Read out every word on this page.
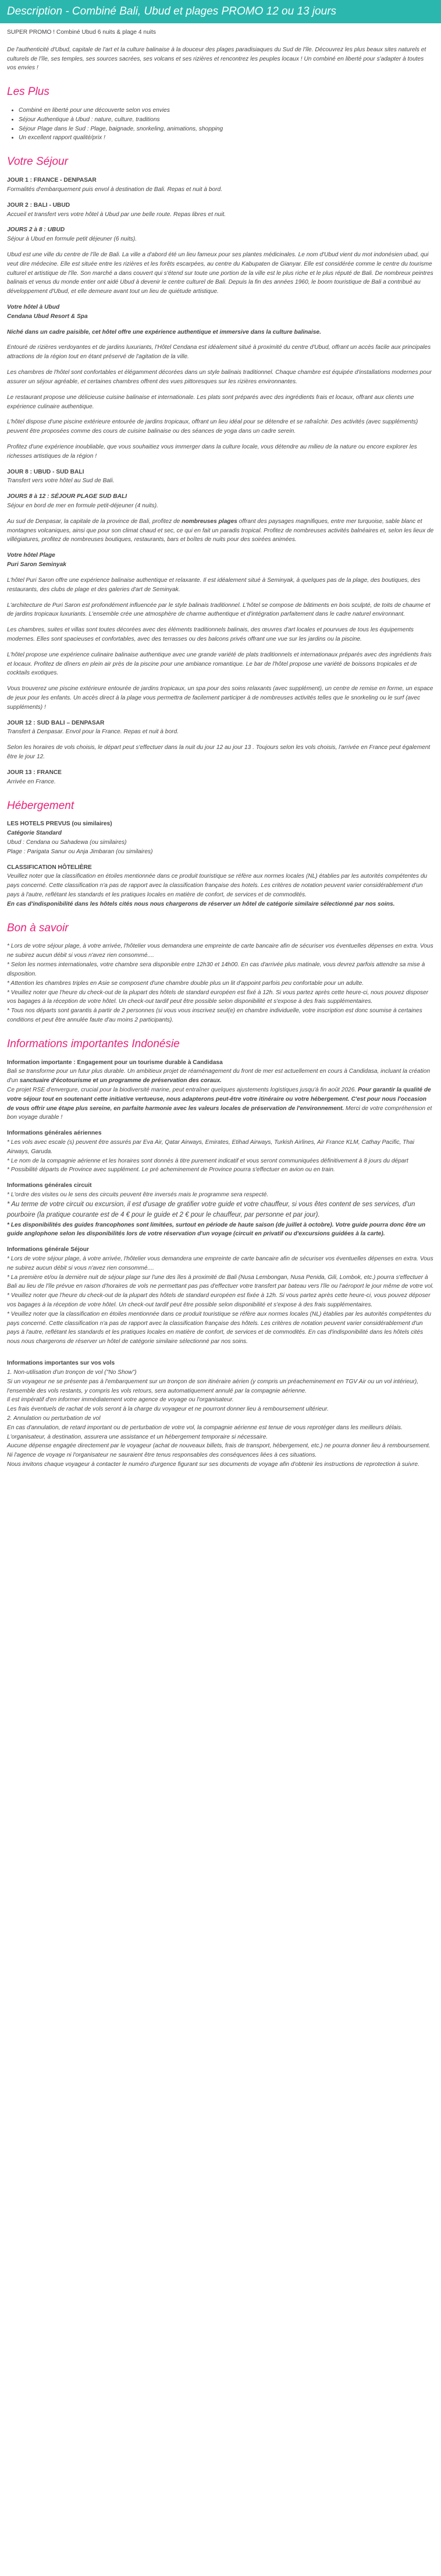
Description - Combiné Bali, Ubud et plages PROMO 12 ou 13 jours

SUPER PROMO ! Combiné Ubud 6 nuits & plage 4 nuits

De l'authenticité d'Ubud, capitale de l'art et la culture balinaise à la douceur des plages paradisiaques du Sud de l'île. Découvrez les plus beaux sites naturels et culturels de l'île, ses temples, ses sources sacrées, ses volcans et ses rizières et rencontrez les peuples locaux ! Un combiné en liberté pour s'adapter à toutes vos envies !

Les Plus
• Combiné en liberté pour une découverte selon vos envies
• Séjour Authentique à Ubud : nature, culture, traditions
• Séjour Plage dans le Sud : Plage, baignade, snorkeling, animations, shopping
• Un excellent rapport qualité/prix !
Votre Séjour

JOUR 1 : FRANCE - DENPASAR
Formalités d'embarquement puis envol à destination de Bali. Repas et nuit à bord.

JOUR 2 : BALI - UBUD
Accueil et transfert vers votre hôtel à Ubud par une belle route. Repas libres et nuit.

JOURS 2 à 8 : UBUD
Séjour à Ubud en formule petit déjeuner (6 nuits).

Ubud est une ville du centre de l'île de Bali. La ville a d'abord été un lieu fameux pour ses plantes médicinales. Le nom d'Ubud vient du mot indonésien ubad, qui veut dire médecine. Elle est située entre les rizières et les forêts escarpées, au centre du Kabupaten de Gianyar. Elle est considérée comme le centre du tourisme culturel et artistique de l'île. Son marché a dans couvert qui s'étend sur toute une portion de la ville est le plus riche et le plus réputé de Bali. De nombreux peintres balinais et venus du monde entier ont aidé Ubud à devenir le centre culturel de Bali. Depuis la fin des années 1960, le boom touristique de Bali a contribué au développement d'Ubud, et elle demeure avant tout un lieu de quiétude artistique.

Votre hôtel à Ubud
Cendana Ubud Resort & Spa

Niché dans un cadre paisible, cet hôtel offre une expérience authentique et immersive dans la culture balinaise.

Entouré de rizières verdoyantes et de jardins luxuriants, l'Hôtel Cendana est idéalement situé à proximité du centre d'Ubud, offrant un accès facile aux principales attractions de la région tout en étant préservé de l'agitation de la ville.

Les chambres de l'hôtel sont confortables et élégamment décorées dans un style balinais traditionnel. Chaque chambre est équipée d'installations modernes pour assurer un séjour agréable, et certaines chambres offrent des vues pittoresques sur les rizières environnantes.

Le restaurant propose une délicieuse cuisine balinaise et internationale. Les plats sont préparés avec des ingrédients frais et locaux, offrant aux clients une expérience culinaire authentique.

L'hôtel dispose d'une piscine extérieure entourée de jardins tropicaux, offrant un lieu idéal pour se détendre et se rafraîchir. Des activités (avec suppléments) peuvent être proposées comme des cours de cuisine balinaise ou des séances de yoga dans un cadre serein.

Profitez d'une expérience inoubliable, que vous souhaitiez vous immerger dans la culture locale, vous détendre au milieu de la nature ou encore explorer les richesses artistiques de la région !

JOUR 8 : UBUD - SUD BALI
Transfert vers votre hôtel au Sud de Bali.

JOURS 8 à 12 : SÉJOUR PLAGE SUD BALI
Séjour en bord de mer en formule petit-déjeuner (4 nuits).

Au sud de Denpasar, la capitale de la province de Bali, profitez de nombreuses plages offrant des paysages magnifiques, entre mer turquoise, sable blanc et montagnes volcaniques, ainsi que pour son climat chaud et sec, ce qui en fait un paradis tropical. Profitez de nombreuses activités balnéaires et, selon les lieux de villégiatures, profitez de nombreuses boutiques, restaurants, bars et boîtes de nuits pour des soirées animées.

Votre hôtel Plage
Puri Saron Seminyak

L'hôtel Puri Saron offre une expérience balinaise authentique et relaxante. Il est idéalement situé à Seminyak, à quelques pas de la plage, des boutiques, des restaurants, des clubs de plage et des galeries d'art de Seminyak.

L'architecture de Puri Saron est profondément influencée par le style balinais traditionnel. L'hôtel se compose de bâtiments en bois sculpté, de toits de chaume et de jardins tropicaux luxuriants. L'ensemble crée une atmosphère de charme authentique et d'intégration parfaitement dans le cadre naturel environnant.

Les chambres, suites et villas sont toutes décorées avec des éléments traditionnels balinais, des œuvres d'art locales et pourvues de tous les équipements modernes. Elles sont spacieuses et confortables, avec des terrasses ou des balcons privés offrant une vue sur les jardins ou la piscine.

L'hôtel propose une expérience culinaire balinaise authentique avec une grande variété de plats traditionnels et internationaux préparés avec des ingrédients frais et locaux. Profitez de dîners en plein air près de la piscine pour une ambiance romantique. Le bar de l'hôtel propose une variété de boissons tropicales et de cocktails exotiques.

Vous trouverez une piscine extérieure entourée de jardins tropicaux, un spa pour des soins relaxants (avec supplément), un centre de remise en forme, un espace de jeux pour les enfants. Un accès direct à la plage vous permettra de facilement participer à de nombreuses activités telles que le snorkeling ou le surf (avec suppléments) !

JOUR 12 : SUD BALI – DENPASAR
Transfert à Denpasar. Envol pour la France. Repas et nuit à bord.

Selon les horaires de vols choisis, le départ peut s'effectuer dans la nuit du jour 12 au jour 13 . Toujours selon les vols choisis, l'arrivée en France peut également être le jour 12.

JOUR 13 : FRANCE
Arrivée en France.

Hébergement

LES HOTELS PREVUS (ou similaires)
Catégorie Standard
Ubud : Cendana ou Sahadewa (ou similaires)
Plage : Parigata Sanur ou Anja Jimbaran (ou similaires)

CLASSIFICATION HÔTELIÈRE
Veuillez noter que la classification en étoiles mentionnée dans ce produit touristique se réfère aux normes locales (NL) établies par les autorités compétentes du pays concerné. Cette classification n'a pas de rapport avec la classification française des hotels. Les critères de notation peuvent varier considérablement d'un pays à l'autre, reflétant les standards et les pratiques locales en matière de confort, de services et de commodités.
En cas d'indisponibilité dans les hôtels cités nous nous chargerons de réserver un hôtel de catégorie similaire sélectionné par nos soins.

Bon à savoir

* Lors de votre séjour plage, à votre arrivée, l'hôtelier vous demandera une empreinte de carte bancaire afin de sécuriser vos éventuelles dépenses en extra. Vous ne subirez aucun débit si vous n'avez rien consommé....
* Selon les normes internationales, votre chambre sera disponible entre 12h30 et 14h00. En cas d'arrivée plus matinale, vous devrez parfois attendre sa mise à disposition.
* Attention les chambres triples en Asie se composent d'une chambre double plus un lit d'appoint parfois peu confortable pour un adulte.
* Veuillez noter que l'heure du check-out de la plupart des hôtels de standard européen est fixé à 12h. Si vous partez après cette heure-ci, nous pouvez disposer vos bagages à la réception de votre hôtel. Un check-out tardif peut être possible selon disponibilité et s'expose à des frais supplémentaires.
* Tous nos départs sont garantis à partir de 2 personnes (si vous vous inscrivez seul(e) en chambre individuelle, votre inscription est donc soumise à certaines conditions et peut être annulée faute d'au moins 2 participants).

Informations importantes Indonésie

Information importante : Engagement pour un tourisme durable à Candidasa
Bali se transforme pour un futur plus durable. Un ambitieux projet de réaménagement du front de mer est actuellement en cours à Candidasa, incluant la création d'un sanctuaire d'écotourisme et un programme de préservation des coraux.
Ce projet RSE d'envergure, crucial pour la biodiversité marine, peut entraîner quelques ajustements logistiques jusqu'à fin août 2026. Pour garantir la qualité de votre séjour tout en soutenant cette initiative vertueuse, nous adapterons peut-être votre itinéraire ou votre hébergement. C'est pour nous l'occasion de vous offrir une étape plus sereine, en parfaite harmonie avec les valeurs locales de préservation de l'environnement. Merci de votre compréhension et bon voyage durable !

Informations générales aériennes
* Les vols avec escale (s) peuvent être assurés par Eva Air, Qatar Airways, Emirates, Etihad Airways, Turkish Airlines, Air France KLM, Cathay Pacific, Thai Airways, Garuda.
* Le nom de la compagnie aérienne et les horaires sont donnés à titre purement indicatif et vous seront communiquées définitivement à 8 jours du départ
* Possibilité départs de Province avec supplément. Le pré acheminement de Province pourra s'effectuer en avion ou en train.

Informations générales circuit
* L'ordre des visites ou le sens des circuits peuvent être inversés mais le programme sera respecté.
* Au terme de votre circuit ou excursion, il est d'usage de gratifier votre guide et votre chauffeur, si vous êtes content de ses services, d'un pourboire (la pratique courante est de 4 € pour le guide et 2 € pour le chauffeur, par personne et par jour).
* Les disponibilités des guides francophones sont limitées, surtout en période de haute saison (de juillet à octobre). Votre guide pourra donc être un guide anglophone selon les disponibilités lors de votre réservation d'un voyage (circuit en privatif ou d'excursions guidées à la carte).

Informations générale Séjour
* Lors de votre séjour plage, à votre arrivée, l'hôtelier vous demandera une empreinte de carte bancaire afin de sécuriser vos éventuelles dépenses en extra. Vous ne subirez aucun débit si vous n'avez rien consommé....
* La première et/ou la dernière nuit de séjour plage sur l'une des îles à proximité de Bali (Nusa Lembongan, Nusa Penida, Gili, Lombok, etc.) pourra s'effectuer à Bali au lieu de l'île prévue en raison d'horaires de vols ne permettant pas pas d'effectuer votre transfert par bateau vers l'île ou l'aéroport le jour même de votre vol.
* Veuillez noter que l'heure du check-out de la plupart des hôtels de standard européen est fixée à 12h. Si vous partez après cette heure-ci, vous pouvez déposer vos bagages à la réception de votre hôtel. Un check-out tardif peut être possible selon disponibilité et s'expose à des frais supplémentaires.
* Veuillez noter que la classification en étoiles mentionnée dans ce produit touristique se réfère aux normes locales (NL) établies par les autorités compétentes du pays concerné. Cette classification n'a pas de rapport avec la classification française des hôtels. Les critères de notation peuvent varier considérablement d'un pays à l'autre, reflétant les standards et les pratiques locales en matière de confort, de services et de commodités. En cas d'indisponibilité dans les hôtels cités nous nous chargerons de réserver un hôtel de catégorie similaire sélectionné par nos soins.

Informations importantes sur vos vols
1. Non-utilisation d'un tronçon de vol ("No Show")
Si un voyageur ne se présente pas à l'embarquement sur un tronçon de son itinéraire aérien (y compris un préacheminement en TGV Air ou un vol intérieur), l'ensemble des vols restants, y compris les vols retours, sera automatiquement annulé par la compagnie aérienne.
Il est impératif d'en informer immédiatement votre agence de voyage ou l'organisateur.
Les frais éventuels de rachat de vols seront à la charge du voyageur et ne pourront donner lieu à remboursement ultérieur.
2. Annulation ou perturbation de vol
En cas d'annulation, de retard important ou de perturbation de votre vol, la compagnie aérienne est tenue de vous reprotéger dans les meilleurs délais.
L'organisateur, à destination, assurera une assistance et un hébergement temporaire si nécessaire.
Aucune dépense engagée directement par le voyageur (achat de nouveaux billets, frais de transport, hébergement, etc.) ne pourra donner lieu à remboursement.
Ni l'agence de voyage ni l'organisateur ne sauraient être tenus responsables des conséquences liées à ces situations.
Nous invitons chaque voyageur à contacter le numéro d'urgence figurant sur ses documents de voyage afin d'obtenir les instructions de reprotection à suivre.
